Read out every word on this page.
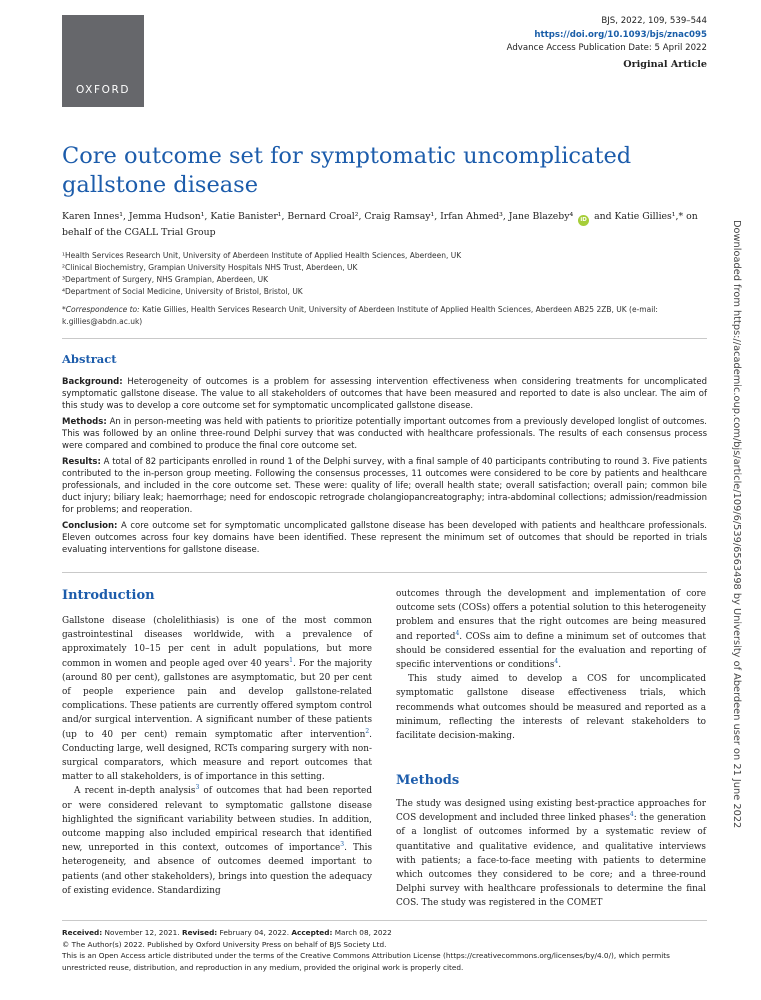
OXFORD
BJS, 2022, 109, 539–544
https://doi.org/10.1093/bjs/znac095
Advance Access Publication Date: 5 April 2022
Original Article
Core outcome set for symptomatic uncomplicated gallstone disease
Karen Innes¹, Jemma Hudson¹, Katie Banister¹, Bernard Croal², Craig Ramsay¹, Irfan Ahmed³, Jane Blazeby⁴ iD and Katie Gillies¹,* on behalf of the CGALL Trial Group
¹Health Services Research Unit, University of Aberdeen Institute of Applied Health Sciences, Aberdeen, UK
²Clinical Biochemistry, Grampian University Hospitals NHS Trust, Aberdeen, UK
³Department of Surgery, NHS Grampian, Aberdeen, UK
⁴Department of Social Medicine, University of Bristol, Bristol, UK
*Correspondence to: Katie Gillies, Health Services Research Unit, University of Aberdeen Institute of Applied Health Sciences, Aberdeen AB25 2ZB, UK (e-mail: k.gillies@abdn.ac.uk)
Abstract

Background: Heterogeneity of outcomes is a problem for assessing intervention effectiveness when considering treatments for uncomplicated symptomatic gallstone disease. The value to all stakeholders of outcomes that have been measured and reported to date is also unclear. The aim of this study was to develop a core outcome set for symptomatic uncomplicated gallstone disease.

Methods: An in person-meeting was held with patients to prioritize potentially important outcomes from a previously developed longlist of outcomes. This was followed by an online three-round Delphi survey that was conducted with healthcare professionals. The results of each consensus process were compared and combined to produce the final core outcome set.

Results: A total of 82 participants enrolled in round 1 of the Delphi survey, with a final sample of 40 participants contributing to round 3. Five patients contributed to the in-person group meeting. Following the consensus processes, 11 outcomes were considered to be core by patients and healthcare professionals, and included in the core outcome set. These were: quality of life; overall health state; overall satisfaction; overall pain; common bile duct injury; biliary leak; haemorrhage; need for endoscopic retrograde cholangiopancreatography; intra-abdominal collections; admission/readmission for problems; and reoperation.

Conclusion: A core outcome set for symptomatic uncomplicated gallstone disease has been developed with patients and healthcare professionals. Eleven outcomes across four key domains have been identified. These represent the minimum set of outcomes that should be reported in trials evaluating interventions for gallstone disease.

Introduction

Gallstone disease (cholelithiasis) is one of the most common gastrointestinal diseases worldwide, with a prevalence of approximately 10–15 per cent in adult populations, but more common in women and people aged over 40 years$^1$. For the majority (around 80 per cent), gallstones are asymptomatic, but 20 per cent of people experience pain and develop gallstone-related complications. These patients are currently offered symptom control and/or surgical intervention. A significant number of these patients (up to 40 per cent) remain symptomatic after intervention$^2$. Conducting large, well designed, RCTs comparing surgery with non-surgical comparators, which measure and report outcomes that matter to all stakeholders, is of importance in this setting.

A recent in-depth analysis$^3$ of outcomes that had been reported or were considered relevant to symptomatic gallstone disease highlighted the significant variability between studies. In addition, outcome mapping also included empirical research that identified new, unreported in this context, outcomes of importance$^3$. This heterogeneity, and absence of outcomes deemed important to patients (and other stakeholders), brings into question the adequacy of existing evidence. Standardizing

outcomes through the development and implementation of core outcome sets (COSs) offers a potential solution to this heterogeneity problem and ensures that the right outcomes are being measured and reported$^4$. COSs aim to define a minimum set of outcomes that should be considered essential for the evaluation and reporting of specific interventions or conditions$^4$.

This study aimed to develop a COS for uncomplicated symptomatic gallstone disease effectiveness trials, which recommends what outcomes should be measured and reported as a minimum, reflecting the interests of relevant stakeholders to facilitate decision-making.

Methods

The study was designed using existing best-practice approaches for COS development and included three linked phases$^4$: the generation of a longlist of outcomes informed by a systematic review of quantitative and qualitative evidence, and qualitative interviews with patients; a face-to-face meeting with patients to determine which outcomes they considered to be core; and a three-round Delphi survey with healthcare professionals to determine the final COS. The study was registered in the COMET

Received: November 12, 2021. Revised: February 04, 2022. Accepted: March 08, 2022
© The Author(s) 2022. Published by Oxford University Press on behalf of BJS Society Ltd.
This is an Open Access article distributed under the terms of the Creative Commons Attribution License (https://creativecommons.org/licenses/by/4.0/), which permits unrestricted reuse, distribution, and reproduction in any medium, provided the original work is properly cited.
Downloaded from https://academic.oup.com/bjs/article/109/6/539/6563498 by University of Aberdeen user on 21 June 2022
